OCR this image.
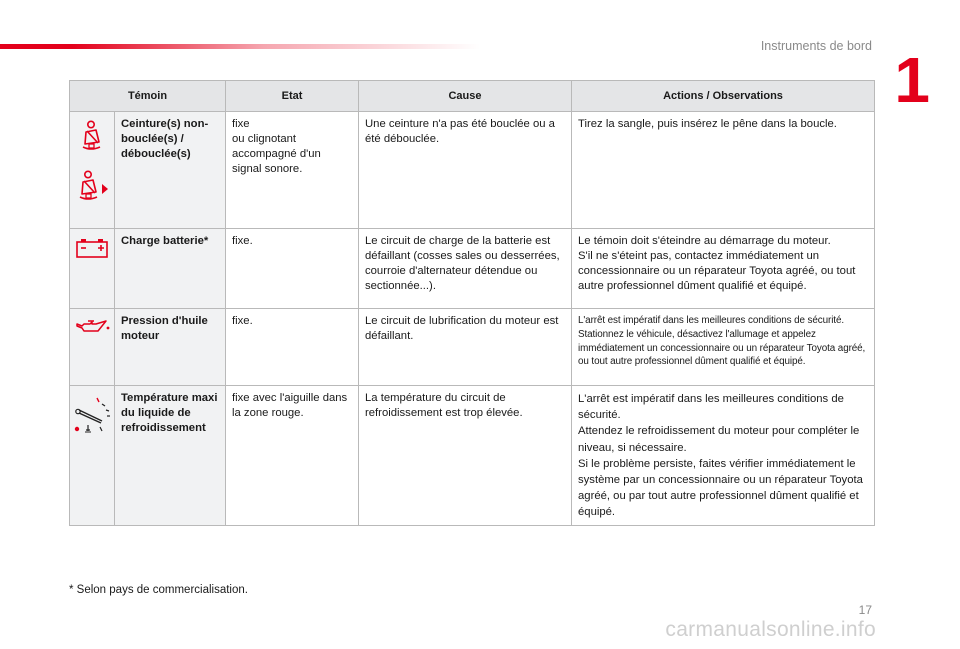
Instruments de bord 1
Témoin		Etat	Cause	Actions / Observations

	Ceinture(s) non-bouclée(s) / débouclée(s)	fixe
ou clignotant accompagné d'un signal sonore.	Une ceinture n'a pas été bouclée ou a été débouclée.	Tirez la sangle, puis insérez le pêne dans la boucle.

	Charge batterie*	fixe.	Le circuit de charge de la batterie est défaillant (cosses sales ou desserrées, courroie d'alternateur détendue ou sectionnée...).	Le témoin doit s'éteindre au démarrage du moteur.
S'il ne s'éteint pas, contactez immédiatement un concessionnaire ou un réparateur Toyota agréé, ou tout autre professionnel dûment qualifié et équipé.

	Pression d'huile moteur	fixe.	Le circuit de lubrification du moteur est défaillant.	L'arrêt est impératif dans les meilleures conditions de sécurité.
Stationnez le véhicule, désactivez l'allumage et appelez immédiatement un concessionnaire ou un réparateur Toyota agréé, ou tout autre professionnel dûment qualifié et équipé.

	Température maxi du liquide de refroidissement	fixe avec l'aiguille dans la zone rouge.	La température du circuit de refroidissement est trop élevée.	L'arrêt est impératif dans les meilleures conditions de sécurité.
Attendez le refroidissement du moteur pour compléter le niveau, si nécessaire.
Si le problème persiste, faites vérifier immédiatement le système par un concessionnaire ou un réparateur Toyota agréé, ou par tout autre professionnel dûment qualifié et équipé.
* Selon pays de commercialisation.
17
carmanualsonline.info
